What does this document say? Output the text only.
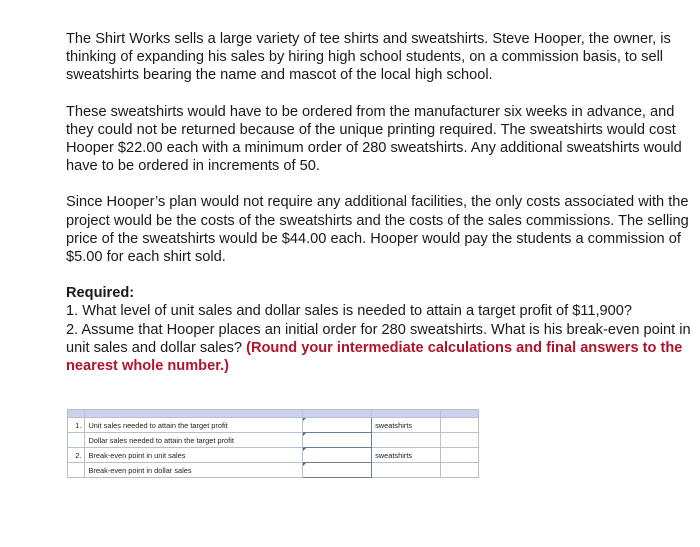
The Shirt Works sells a large variety of tee shirts and sweatshirts. Steve Hooper, the owner, is thinking of expanding his sales by hiring high school students, on a commission basis, to sell sweatshirts bearing the name and mascot of the local high school.

These sweatshirts would have to be ordered from the manufacturer six weeks in advance, and they could not be returned because of the unique printing required. The sweatshirts would cost Hooper $22.00 each with a minimum order of 280 sweatshirts. Any additional sweatshirts would have to be ordered in increments of 50.

Since Hooper’s plan would not require any additional facilities, the only costs associated with the project would be the costs of the sweatshirts and the costs of the sales commissions. The selling price of the sweatshirts would be $44.00 each. Hooper would pay the students a commission of $5.00 for each shirt sold.

Required:
1. What level of unit sales and dollar sales is needed to attain a target profit of $11,900?
2. Assume that Hooper places an initial order for 280 sweatshirts. What is his break-even point in unit sales and dollar sales? (Round your intermediate calculations and final answers to the nearest whole number.)

1.	Unit sales needed to attain the target profit		sweatshirts	
	Dollar sales needed to attain the target profit	

2.	Break-even point in unit sales		sweatshirts	
	Break-even point in dollar sales	
